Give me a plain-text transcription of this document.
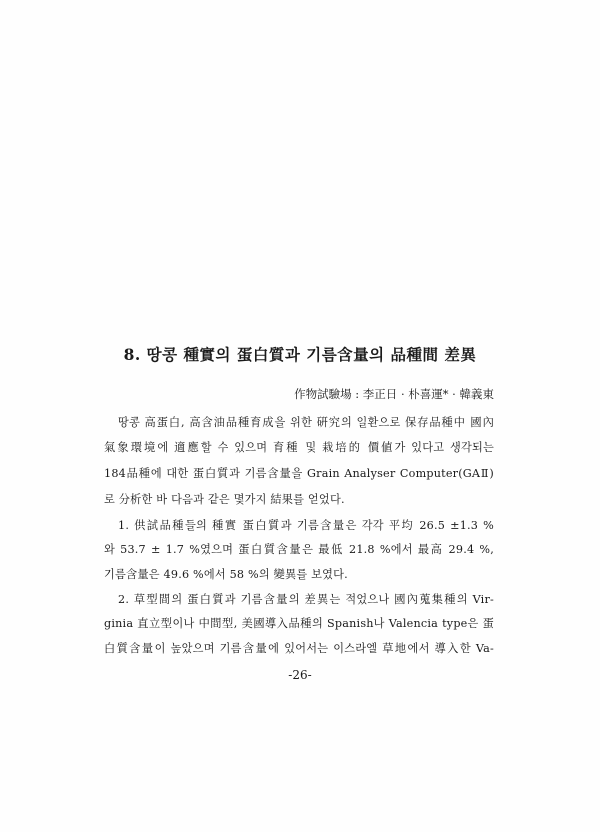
8. 땅콩 種實의 蛋白質과 기름含量의 品種間 差異
作物試驗場 : 李正日 · 朴喜運* · 韓義東
땅콩 高蛋白, 高含油品種育成을 위한 硏究의 일환으로 保存品種中 國內
氣象環境에 適應할 수 있으며 育種 및 栽培的 價値가 있다고 생각되는
184品種에 대한 蛋白質과 기름含量을 Grain Analyser Computer(GAⅡ)
로 分析한 바 다음과 같은 몇가지 結果를 얻었다.
1. 供試品種들의 種實 蛋白質과 기름含量은 각각 平均 26.5 ±1.3 %
와 53.7 ± 1.7 %였으며 蛋白質含量은 最低 21.8 %에서 最高 29.4 %,
기름含量은 49.6 %에서 58 %의 變異를 보였다.
2. 草型間의 蛋白質과 기름含量의 差異는 적었으나 國內蒐集種의 Vir-
ginia 直立型이나 中間型, 美國導入品種의 Spanish나 Valencia type은 蛋
白質含量이 높았으며 기름含量에 있어서는 이스라엘 草地에서 導入한 Va-
-26-
